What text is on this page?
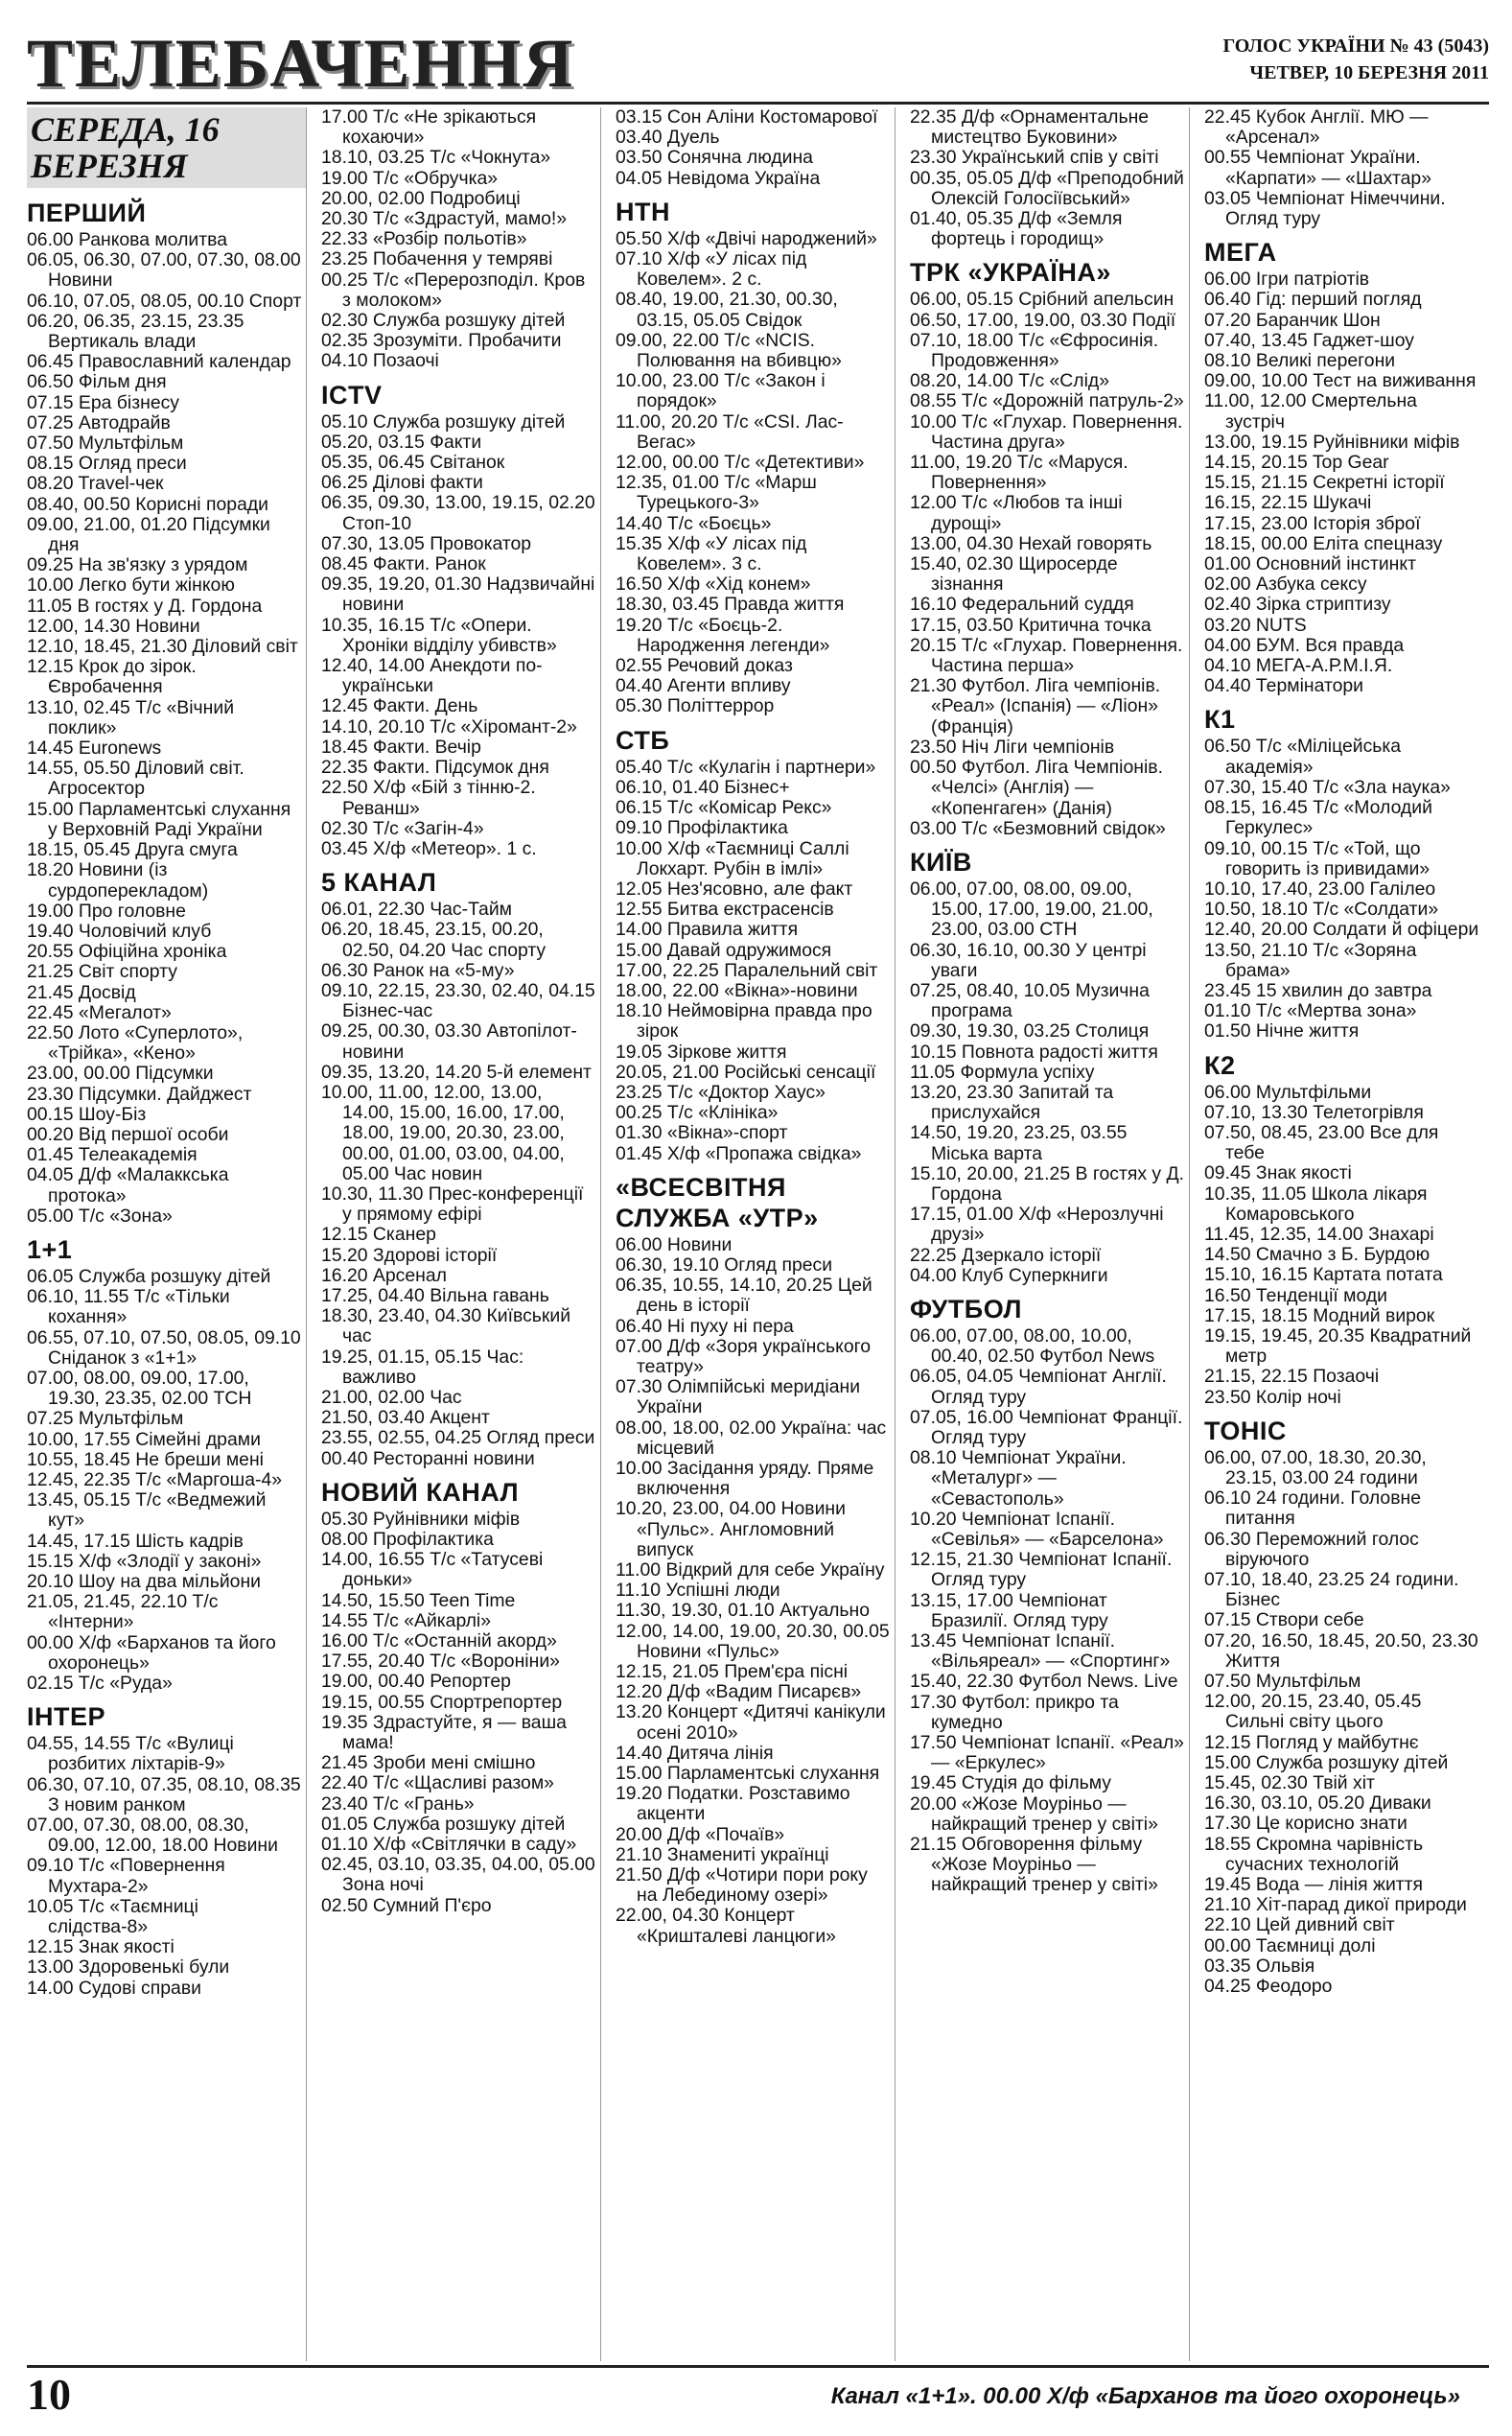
ТЕЛЕБАЧЕННЯ	ГОЛОС УКРАЇНИ № 43 (5043)
ЧЕТВЕР, 10 БЕРЕЗНЯ 2011
СЕРЕДА, 16 БЕРЕЗНЯ
ПЕРШИЙ
06.00 Ранкова молитва
06.05, 06.30, 07.00, 07.30, 08.00 Новини
06.10, 07.05, 08.05, 00.10 Спорт
06.20, 06.35, 23.15, 23.35 Вертикаль влади
06.45 Православний календар
06.50 Фільм дня
07.15 Ера бізнесу
07.25 Автодрайв
07.50 Мультфільм
08.15 Огляд преси
08.20 Travel-чек
08.40, 00.50 Корисні поради
09.00, 21.00, 01.20 Підсумки дня
09.25 На зв'язку з урядом
10.00 Легко бути жінкою
11.05 В гостях у Д. Гордона
12.00, 14.30 Новини
12.10, 18.45, 21.30 Діловий світ
12.15 Крок до зірок. Євробачення
13.10, 02.45 Т/с «Вічний поклик»
14.45 Euronews
14.55, 05.50 Діловий світ. Агросектор
15.00 Парламентські слухання у Верховній Раді України
18.15, 05.45 Друга смуга
18.20 Новини (із сурдоперекладом)
19.00 Про головне
19.40 Чоловічий клуб
20.55 Офіційна хроніка
21.25 Світ спорту
21.45 Досвід
22.45 «Мегалот»
22.50 Лото «Суперлото», «Трійка», «Кено»
23.00, 00.00 Підсумки
23.30 Підсумки. Дайджест
00.15 Шоу-Біз
00.20 Від першої особи
01.45 Телеакадемія
04.05 Д/ф «Малаккська протока»
05.00 Т/с «Зона»
1+1
06.05 Служба розшуку дітей
06.10, 11.55 Т/с «Тільки кохання»
06.55, 07.10, 07.50, 08.05, 09.10 Сніданок з «1+1»
07.00, 08.00, 09.00, 17.00, 19.30, 23.35, 02.00 ТСН
07.25 Мультфільм
10.00, 17.55 Сімейні драми
10.55, 18.45 Не бреши мені
12.45, 22.35 Т/с «Маргоша-4»
13.45, 05.15 Т/с «Ведмежий кут»
14.45, 17.15 Шість кадрів
15.15 Х/ф «Злодії у законі»
20.10 Шоу на два мільйони
21.05, 21.45, 22.10 Т/с «Інтерни»
00.00 Х/ф «Барханов та його охоронець»
02.15 Т/с «Руда»
ІНТЕР
04.55, 14.55 Т/с «Вулиці розбитих ліхтарів-9»
06.30, 07.10, 07.35, 08.10, 08.35 З новим ранком
07.00, 07.30, 08.00, 08.30, 09.00, 12.00, 18.00 Новини
09.10 Т/с «Повернення Мухтара-2»
10.05 Т/с «Таємниці слідства-8»
12.15 Знак якості
13.00 Здоровенькі були
14.00 Судові справи
17.00 Т/с «Не зрікаються кохаючи»
18.10, 03.25 Т/с «Чокнута»
19.00 Т/с «Обручка»
20.00, 02.00 Подробиці
20.30 Т/с «Здрастуй, мамо!»
22.33 «Розбір польотів»
23.25 Побачення у темряві
00.25 Т/с «Перерозподіл. Кров з молоком»
02.30 Служба розшуку дітей
02.35 Зрозуміти. Пробачити
04.10 Позаочі
ICTV
05.10 Служба розшуку дітей
05.20, 03.15 Факти
05.35, 06.45 Світанок
06.25 Ділові факти
06.35, 09.30, 13.00, 19.15, 02.20 Стоп-10
07.30, 13.05 Провокатор
08.45 Факти. Ранок
09.35, 19.20, 01.30 Надзвичайні новини
10.35, 16.15 Т/с «Опери. Хроніки відділу убивств»
12.40, 14.00 Анекдоти по-українськи
12.45 Факти. День
14.10, 20.10 Т/с «Хіромант-2»
18.45 Факти. Вечір
22.35 Факти. Підсумок дня
22.50 Х/ф «Бій з тінню-2. Реванш»
02.30 Т/с «Загін-4»
03.45 Х/ф «Метеор». 1 с.
5 КАНАЛ
06.01, 22.30 Час-Тайм
06.20, 18.45, 23.15, 00.20, 02.50, 04.20 Час спорту
06.30 Ранок на «5-му»
09.10, 22.15, 23.30, 02.40, 04.15 Бізнес-час
09.25, 00.30, 03.30 Автопілот-новини
09.35, 13.20, 14.20 5-й елемент
10.00, 11.00, 12.00, 13.00, 14.00, 15.00, 16.00, 17.00, 18.00, 19.00, 20.30, 23.00, 00.00, 01.00, 03.00, 04.00, 05.00 Час новин
10.30, 11.30 Прес-конференції у прямому ефірі
12.15 Сканер
15.20 Здорові історії
16.20 Арсенал
17.25, 04.40 Вільна гавань
18.30, 23.40, 04.30 Київський час
19.25, 01.15, 05.15 Час: важливо
21.00, 02.00 Час
21.50, 03.40 Акцент
23.55, 02.55, 04.25 Огляд преси
00.40 Ресторанні новини
НОВИЙ КАНАЛ
05.30 Руйнівники міфів
08.00 Профілактика
14.00, 16.55 Т/с «Татусеві доньки»
14.50, 15.50 Teen Time
14.55 Т/с «Айкарлі»
16.00 Т/с «Останній акорд»
17.55, 20.40 Т/с «Вороніни»
19.00, 00.40 Репортер
19.15, 00.55 Спортрепортер
19.35 Здрастуйте, я — ваша мама!
21.45 Зроби мені смішно
22.40 Т/с «Щасливі разом»
23.40 Т/с «Грань»
01.05 Служба розшуку дітей
01.10 Х/ф «Світлячки в саду»
02.45, 03.10, 03.35, 04.00, 05.00 Зона ночі
02.50 Сумний П'єро
03.15 Сон Аліни Костомарової
03.40 Дуель
03.50 Сонячна людина
04.05 Невідома Україна
НТН
05.50 Х/ф «Двічі народжений»
07.10 Х/ф «У лісах під Ковелем». 2 с.
08.40, 19.00, 21.30, 00.30, 03.15, 05.05 Свідок
09.00, 22.00 Т/с «NCIS. Полювання на вбивцю»
10.00, 23.00 Т/с «Закон і порядок»
11.00, 20.20 Т/с «CSI. Лас-Вегас»
12.00, 00.00 Т/с «Детективи»
12.35, 01.00 Т/с «Марш Турецького-3»
14.40 Т/с «Боєць»
15.35 Х/ф «У лісах під Ковелем». 3 с.
16.50 Х/ф «Хід конем»
18.30, 03.45 Правда життя
19.20 Т/с «Боєць-2. Народження легенди»
02.55 Речовий доказ
04.40 Агенти впливу
05.30 Політтеррор
СТБ
05.40 Т/с «Кулагін і партнери»
06.10, 01.40 Бізнес+
06.15 Т/с «Комісар Рекс»
09.10 Профілактика
10.00 Х/ф «Таємниці Саллі Локхарт. Рубін в імлі»
12.05 Нез'ясовно, але факт
12.55 Битва екстрасенсів
14.00 Правила життя
15.00 Давай одружимося
17.00, 22.25 Паралельний світ
18.00, 22.00 «Вікна»-новини
18.10 Неймовірна правда про зірок
19.05 Зіркове життя
20.05, 21.00 Російські сенсації
23.25 Т/с «Доктор Хаус»
00.25 Т/с «Клініка»
01.30 «Вікна»-спорт
01.45 Х/ф «Пропажа свідка»
«ВСЕСВІТНЯ СЛУЖБА «УТР»
06.00 Новини
06.30, 19.10 Огляд преси
06.35, 10.55, 14.10, 20.25 Цей день в історії
06.40 Ні пуху ні пера
07.00 Д/ф «Зоря українського театру»
07.30 Олімпійські меридіани України
08.00, 18.00, 02.00 Україна: час місцевий
10.00 Засідання уряду. Пряме включення
10.20, 23.00, 04.00 Новини «Пульс». Англомовний випуск
11.00 Відкрий для себе Україну
11.10 Успішні люди
11.30, 19.30, 01.10 Актуально
12.00, 14.00, 19.00, 20.30, 00.05 Новини «Пульс»
12.15, 21.05 Прем'єра пісні
12.20 Д/ф «Вадим Писарєв»
13.20 Концерт «Дитячі канікули осені 2010»
14.40 Дитяча лінія
15.00 Парламентські слухання
19.20 Податки. Розставимо акценти
20.00 Д/ф «Почаїв»
21.10 Знамениті українці
21.50 Д/ф «Чотири пори року на Лебединому озері»
22.00, 04.30 Концерт «Кришталеві ланцюги»
22.35 Д/ф «Орнаментальне мистецтво Буковини»
23.30 Український спів у світі
00.35, 05.05 Д/ф «Преподобний Олексій Голосіївський»
01.40, 05.35 Д/ф «Земля фортець і городищ»
ТРК «УКРАЇНА»
06.00, 05.15 Срібний апельсин
06.50, 17.00, 19.00, 03.30 Події
07.10, 18.00 Т/с «Єфросинія. Продовження»
08.20, 14.00 Т/с «Слід»
08.55 Т/с «Дорожній патруль-2»
10.00 Т/с «Глухар. Повернення. Частина друга»
11.00, 19.20 Т/с «Маруся. Повернення»
12.00 Т/с «Любов та інші дурощі»
13.00, 04.30 Нехай говорять
15.40, 02.30 Щиросерде зізнання
16.10 Федеральний суддя
17.15, 03.50 Критична точка
20.15 Т/с «Глухар. Повернення. Частина перша»
21.30 Футбол. Ліга чемпіонів. «Реал» (Іспанія) — «Ліон» (Франція)
23.50 Ніч Ліги чемпіонів
00.50 Футбол. Ліга Чемпіонів. «Челсі» (Англія) — «Копенгаген» (Данія)
03.00 Т/с «Безмовний свідок»
КИЇВ
06.00, 07.00, 08.00, 09.00, 15.00, 17.00, 19.00, 21.00, 23.00, 03.00 СТН
06.30, 16.10, 00.30 У центрі уваги
07.25, 08.40, 10.05 Музична програма
09.30, 19.30, 03.25 Столиця
10.15 Повнота радості життя
11.05 Формула успіху
13.20, 23.30 Запитай та прислухайся
14.50, 19.20, 23.25, 03.55 Міська варта
15.10, 20.00, 21.25 В гостях у Д. Гордона
17.15, 01.00 Х/ф «Нерозлучні друзі»
22.25 Дзеркало історії
04.00 Клуб Суперкниги
ФУТБОЛ
06.00, 07.00, 08.00, 10.00, 00.40, 02.50 Футбол News
06.05, 04.05 Чемпіонат Англії. Огляд туру
07.05, 16.00 Чемпіонат Франції. Огляд туру
08.10 Чемпіонат України. «Металург» — «Севастополь»
10.20 Чемпіонат Іспанії. «Севілья» — «Барселона»
12.15, 21.30 Чемпіонат Іспанії. Огляд туру
13.15, 17.00 Чемпіонат Бразилії. Огляд туру
13.45 Чемпіонат Іспанії. «Вільяреал» — «Спортинг»
15.40, 22.30 Футбол News. Live
17.30 Футбол: прикро та кумедно
17.50 Чемпіонат Іспанії. «Реал» — «Еркулес»
19.45 Студія до фільму
20.00 «Жозе Моурiньо — найкращий тренер у світі»
21.15 Обговорення фільму «Жозе Моурiньо — найкращий тренер у світі»
22.45 Кубок Англії. МЮ — «Арсенал»
00.55 Чемпіонат України. «Карпати» — «Шахтар»
03.05 Чемпіонат Німеччини. Огляд туру
МЕГА
06.00 Ігри патріотів
06.40 Гід: перший погляд
07.20 Баранчик Шон
07.40, 13.45 Гаджет-шоу
08.10 Великі перегони
09.00, 10.00 Тест на виживання
11.00, 12.00 Смертельна зустріч
13.00, 19.15 Руйнівники міфів
14.15, 20.15 Top Gear
15.15, 21.15 Секретні історії
16.15, 22.15 Шукачі
17.15, 23.00 Історія зброї
18.15, 00.00 Еліта спецназу
01.00 Основний інстинкт
02.00 Азбука сексу
02.40 Зірка стриптизу
03.20 NUTS
04.00 БУМ. Вся правда
04.10 МЕГА-А.Р.М.І.Я.
04.40 Термінатори
К1
06.50 Т/с «Міліцейська академія»
07.30, 15.40 Т/с «Зла наука»
08.15, 16.45 Т/с «Молодий Геркулес»
09.10, 00.15 Т/с «Той, що говорить із привидами»
10.10, 17.40, 23.00 Галілео
10.50, 18.10 Т/с «Солдати»
12.40, 20.00 Солдати й офіцери
13.50, 21.10 Т/с «Зоряна брама»
23.45 15 хвилин до завтра
01.10 Т/с «Мертва зона»
01.50 Нічне життя
К2
06.00 Мультфільми
07.10, 13.30 Телетогрівля
07.50, 08.45, 23.00 Все для тебе
09.45 Знак якості
10.35, 11.05 Школа лікаря Комаровського
11.45, 12.35, 14.00 Знахарі
14.50 Смачно з Б. Бурдою
15.10, 16.15 Картата потата
16.50 Тенденції моди
17.15, 18.15 Модний вирок
19.15, 19.45, 20.35 Квадратний метр
21.15, 22.15 Позаочі
23.50 Колір ночі
ТОНІС
06.00, 07.00, 18.30, 20.30, 23.15, 03.00 24 години
06.10 24 години. Головне питання
06.30 Переможний голос віруючого
07.10, 18.40, 23.25 24 години. Бізнес
07.15 Створи себе
07.20, 16.50, 18.45, 20.50, 23.30 Життя
07.50 Мультфільм
12.00, 20.15, 23.40, 05.45 Сильні світу цього
12.15 Погляд у майбутнє
15.00 Служба розшуку дітей
15.45, 02.30 Твій хіт
16.30, 03.10, 05.20 Диваки
17.30 Це корисно знати
18.55 Скромна чарівність сучасних технологій
19.45 Вода — лінія життя
21.10 Хіт-парад дикої природи
22.10 Цей дивний світ
00.00 Таємниці долі
03.35 Ольвія
04.25 Феодоро
10	Канал «1+1». 00.00 Х/ф «Барханов та його охоронець»
